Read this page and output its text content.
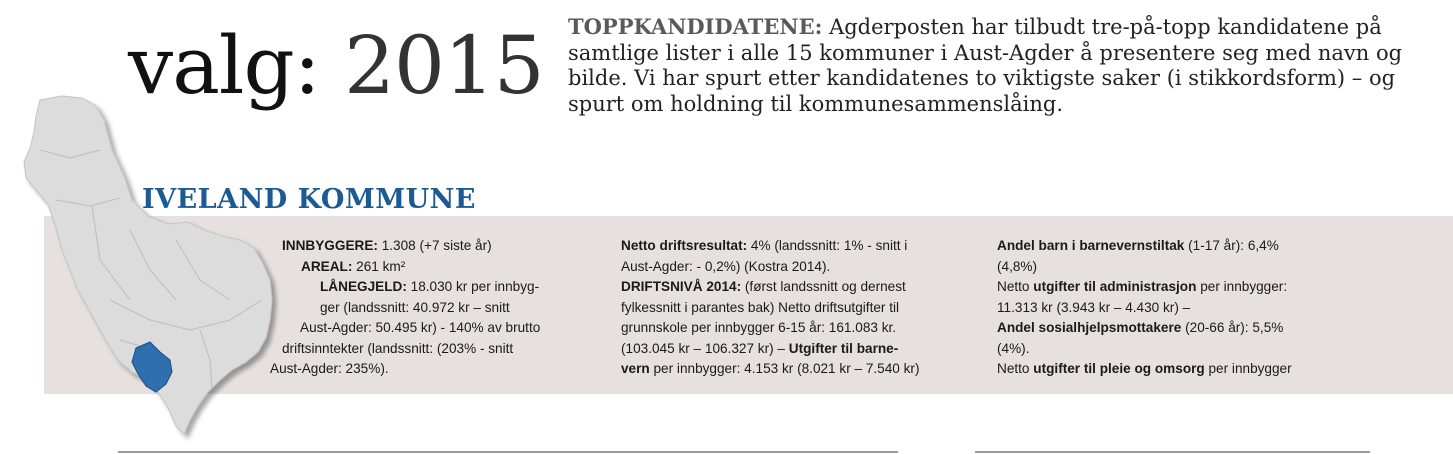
valg: 2015 TOPPKANDIDATENE: Agderposten har tilbudt tre-på-topp kandidatene på samtlige lister i alle 15 kommuner i Aust-Agder å presentere seg med navn og bilde. Vi har spurt etter kandidatenes to viktigste saker (i stikkordsform) – og spurt om holdning til kommunesammenslåing.
IVELAND KOMMUNE
INNBYGGERE: 1.308 (+7 siste år)
AREAL: 261 km²
LÅNEGJELD: 18.030 kr per innbyg-
ger (landssnitt: 40.972 kr – snitt
Aust-Agder: 50.495 kr) - 140% av brutto
driftsinntekter (landssnitt: (203% - snitt
Aust-Agder: 235%).
Netto driftsresultat: 4% (landssnitt: 1% - snitt i
Aust-Agder: - 0,2%) (Kostra 2014).
DRIFTSNIVÅ 2014: (først landssnitt og dernest
fylkessnitt i parantes bak) Netto driftsutgifter til
grunnskole per innbygger 6-15 år: 161.083 kr.
(103.045 kr – 106.327 kr) – Utgifter til barne-
vern per innbygger: 4.153 kr (8.021 kr – 7.540 kr)
Andel barn i barnevernstiltak (1-17 år): 6,4%
(4,8%)
Netto utgifter til administrasjon per innbygger:
11.313 kr (3.943 kr – 4.430 kr) –
Andel sosialhjelpsmottakere (20-66 år): 5,5%
(4%).
Netto utgifter til pleie og omsorg per innbygger
